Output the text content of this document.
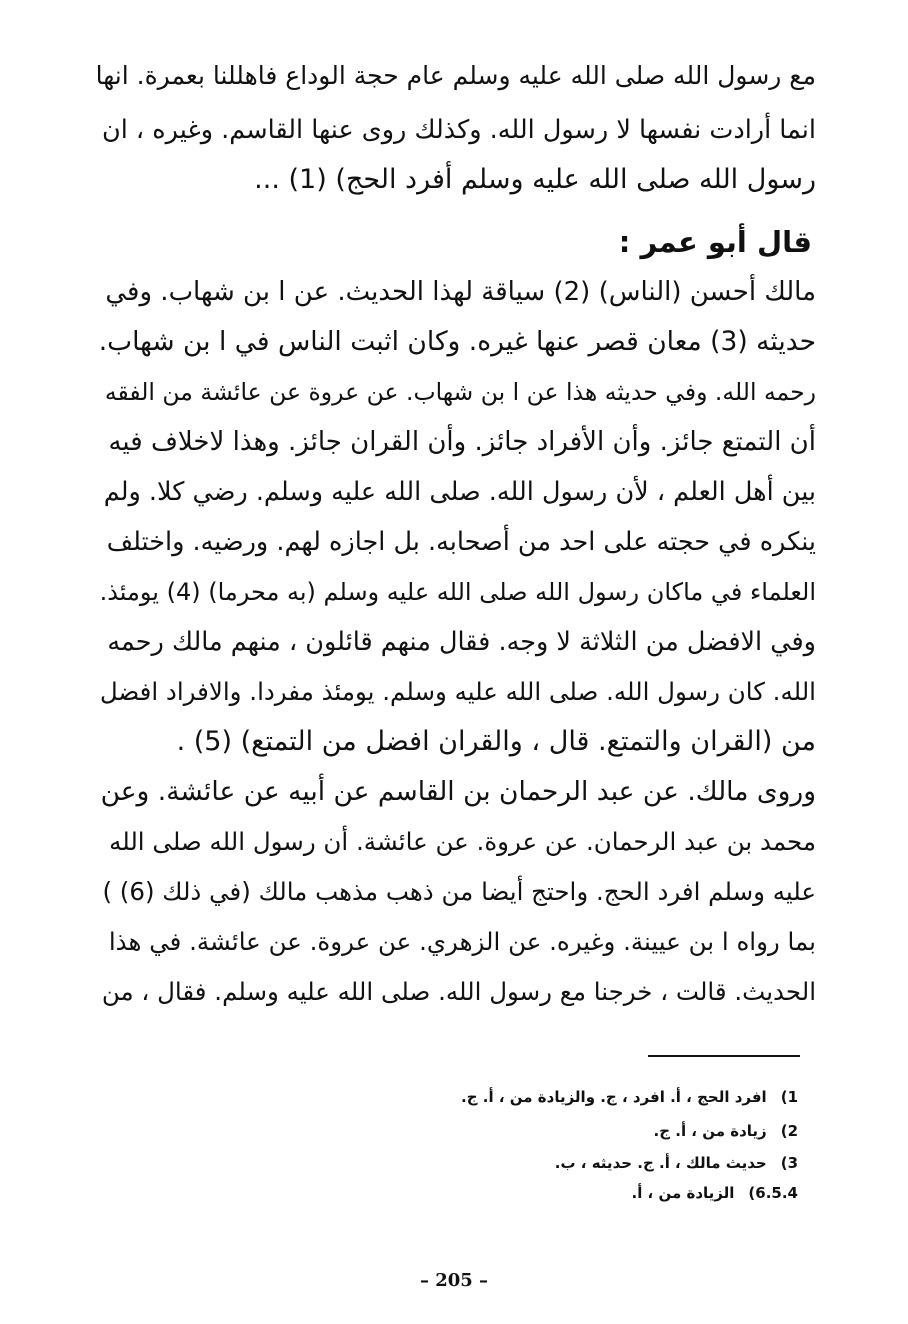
مع رسول الله صلى الله عليه وسلم عام حجة الوداع فاهللنا بعمرة. انها
انما أرادت نفسها لا رسول الله. وكذلك روى عنها القاسم. وغيره ، ان
رسول الله صلى الله عليه وسلم أفرد الحج) (1) ...
قال أبو عمر :
مالك أحسن (الناس) (2) سياقة لهذا الحديث. عن ا بن شهاب. وفي
حديثه (3) معان قصر عنها غيره. وكان اثبت الناس في ا بن شهاب.
رحمه الله. وفي حديثه هذا عن ا بن شهاب. عن عروة عن عائشة من الفقه
أن التمتع جائز. وأن الأفراد جائز. وأن القران جائز. وهذا لاخلاف فيه
بين أهل العلم ، لأن رسول الله. صلى الله عليه وسلم. رضي كلا. ولم
ينكره في حجته على احد من أصحابه. بل اجازه لهم. ورضيه. واختلف
العلماء في ماكان رسول الله صلى الله عليه وسلم (به محرما) (4) يومئذ.
وفي الافضل من الثلاثة لا وجه. فقال منهم قائلون ، منهم مالك رحمه
الله. كان رسول الله. صلى الله عليه وسلم. يومئذ مفردا. والافراد افضل
من (القران والتمتع. قال ، والقران افضل من التمتع) (5) .
وروى مالك. عن عبد الرحمان بن القاسم عن أبيه عن عائشة. وعن
محمد بن عبد الرحمان. عن عروة. عن عائشة. أن رسول الله صلى الله
عليه وسلم افرد الحج. واحتج أيضا من ذهب مذهب مالك (في ذلك (6) )
بما رواه ا بن عيينة. وغيره. عن الزهري. عن عروة. عن عائشة. في هذا
الحديث. قالت ، خرجنا مع رسول الله. صلى الله عليه وسلم. فقال ، من
1)افرد الحج ، أ. افرد ، ج. والزيادة من ، أ. ج.
2)زيادة من ، أ. ج.
3)حديث مالك ، أ. ج. حديثه ، ب.
6.5.4)الزيادة من ، أ.
– 205 –
